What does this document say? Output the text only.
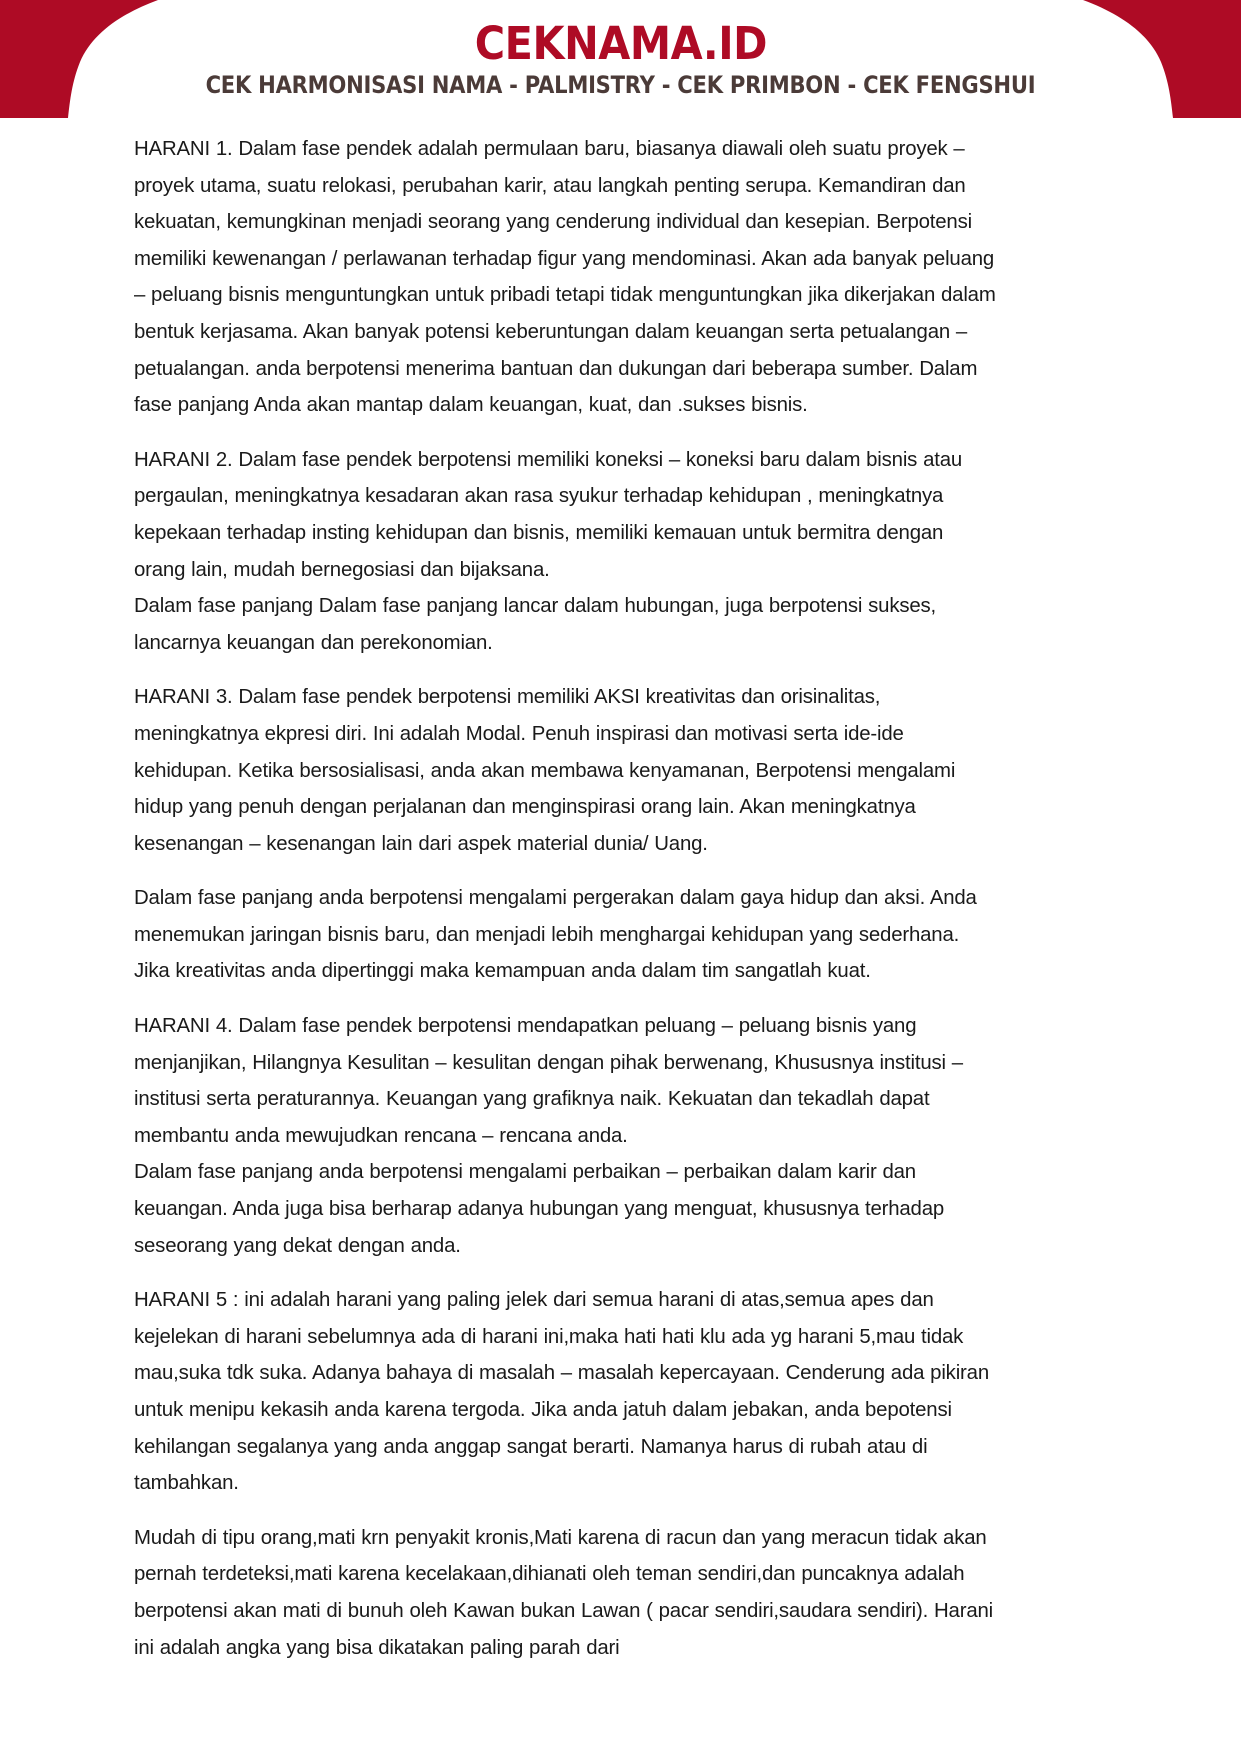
CEKNAMA.ID
CEK HARMONISASI NAMA - PALMISTRY - CEK PRIMBON - CEK FENGSHUI

HARANI 1. Dalam fase pendek adalah permulaan baru, biasanya diawali oleh suatu proyek – proyek utama, suatu relokasi, perubahan karir, atau langkah penting serupa. Kemandiran dan kekuatan, kemungkinan menjadi seorang yang cenderung individual dan kesepian. Berpotensi memiliki kewenangan / perlawanan terhadap figur yang mendominasi. Akan ada banyak peluang – peluang bisnis menguntungkan untuk pribadi tetapi tidak menguntungkan jika dikerjakan dalam bentuk kerjasama. Akan banyak potensi keberuntungan dalam keuangan serta petualangan – petualangan. anda berpotensi menerima bantuan dan dukungan dari beberapa sumber. Dalam fase panjang Anda akan mantap dalam keuangan, kuat, dan .sukses bisnis.

HARANI 2. Dalam fase pendek berpotensi memiliki koneksi – koneksi baru dalam bisnis atau pergaulan, meningkatnya kesadaran akan rasa syukur terhadap kehidupan , meningkatnya kepekaan terhadap insting kehidupan dan bisnis, memiliki kemauan untuk bermitra dengan orang lain, mudah bernegosiasi dan bijaksana.
Dalam fase panjang Dalam fase panjang lancar dalam hubungan, juga berpotensi sukses, lancarnya keuangan dan perekonomian.

HARANI 3. Dalam fase pendek berpotensi memiliki AKSI kreativitas dan orisinalitas, meningkatnya ekpresi diri. Ini adalah Modal. Penuh inspirasi dan motivasi serta ide-ide kehidupan. Ketika bersosialisasi, anda akan membawa kenyamanan, Berpotensi mengalami hidup yang penuh dengan perjalanan dan menginspirasi orang lain. Akan meningkatnya kesenangan – kesenangan lain dari aspek material dunia/ Uang.

Dalam fase panjang anda berpotensi mengalami pergerakan dalam gaya hidup dan aksi. Anda menemukan jaringan bisnis baru, dan menjadi lebih menghargai kehidupan yang sederhana. Jika kreativitas anda dipertinggi maka kemampuan anda dalam tim sangatlah kuat.

HARANI 4. Dalam fase pendek berpotensi mendapatkan peluang – peluang bisnis yang menjanjikan, Hilangnya Kesulitan – kesulitan dengan pihak berwenang, Khususnya institusi – institusi serta peraturannya. Keuangan yang grafiknya naik. Kekuatan dan tekadlah dapat membantu anda mewujudkan rencana – rencana anda.
Dalam fase panjang anda berpotensi mengalami perbaikan – perbaikan dalam karir dan keuangan. Anda juga bisa berharap adanya hubungan yang menguat, khususnya terhadap seseorang yang dekat dengan anda.

HARANI 5 : ini adalah harani yang paling jelek dari semua harani di atas,semua apes dan kejelekan di harani sebelumnya ada di harani ini,maka hati hati klu ada yg harani 5,mau tidak mau,suka tdk suka. Adanya bahaya di masalah – masalah kepercayaan. Cenderung ada pikiran untuk menipu kekasih anda karena tergoda. Jika anda jatuh dalam jebakan, anda bepotensi kehilangan segalanya yang anda anggap sangat berarti. Namanya harus di rubah atau di tambahkan.

Mudah di tipu orang,mati krn penyakit kronis,Mati karena di racun dan yang meracun tidak akan pernah terdeteksi,mati karena kecelakaan,dihianati oleh teman sendiri,dan puncaknya adalah berpotensi akan mati di bunuh oleh Kawan bukan Lawan ( pacar sendiri,saudara sendiri). Harani ini adalah angka yang bisa dikatakan paling parah dari
